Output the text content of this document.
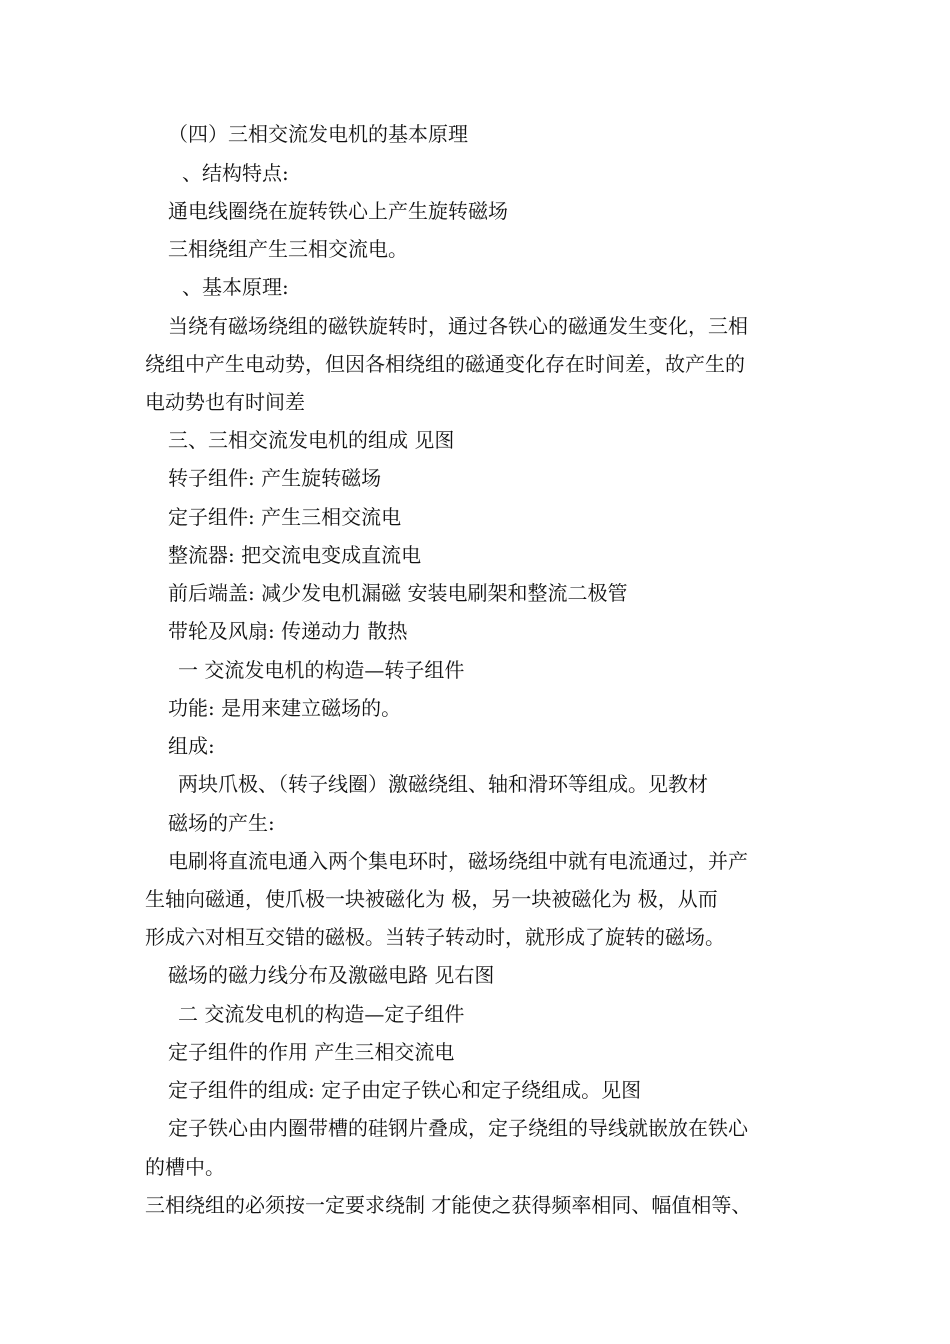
（四）三相交流发电机的基本原理
、结构特点:
通电线圈绕在旋转铁心上产生旋转磁场
三相绕组产生三相交流电。
、基本原理:
当绕有磁场绕组的磁铁旋转时，通过各铁心的磁通发生变化，三相
绕组中产生电动势，但因各相绕组的磁通变化存在时间差，故产生的
电动势也有时间差
三、三相交流发电机的组成 见图
转子组件: 产生旋转磁场
定子组件: 产生三相交流电
整流器: 把交流电变成直流电
前后端盖: 减少发电机漏磁 安装电刷架和整流二极管
带轮及风扇: 传递动力 散热
一 交流发电机的构造—转子组件
功能: 是用来建立磁场的。
组成:
两块爪极、（转子线圈）激磁绕组、轴和滑环等组成。见教材
磁场的产生:
电刷将直流电通入两个集电环时，磁场绕组中就有电流通过，并产
生轴向磁通，使爪极一块被磁化为 极，另一块被磁化为 极，从而
形成六对相互交错的磁极。当转子转动时，就形成了旋转的磁场。
磁场的磁力线分布及激磁电路 见右图
二 交流发电机的构造—定子组件
定子组件的作用 产生三相交流电
定子组件的组成: 定子由定子铁心和定子绕组成。见图
定子铁心由内圈带槽的硅钢片叠成，定子绕组的导线就嵌放在铁心
的槽中。
三相绕组的必须按一定要求绕制 才能使之获得频率相同、幅值相等、
